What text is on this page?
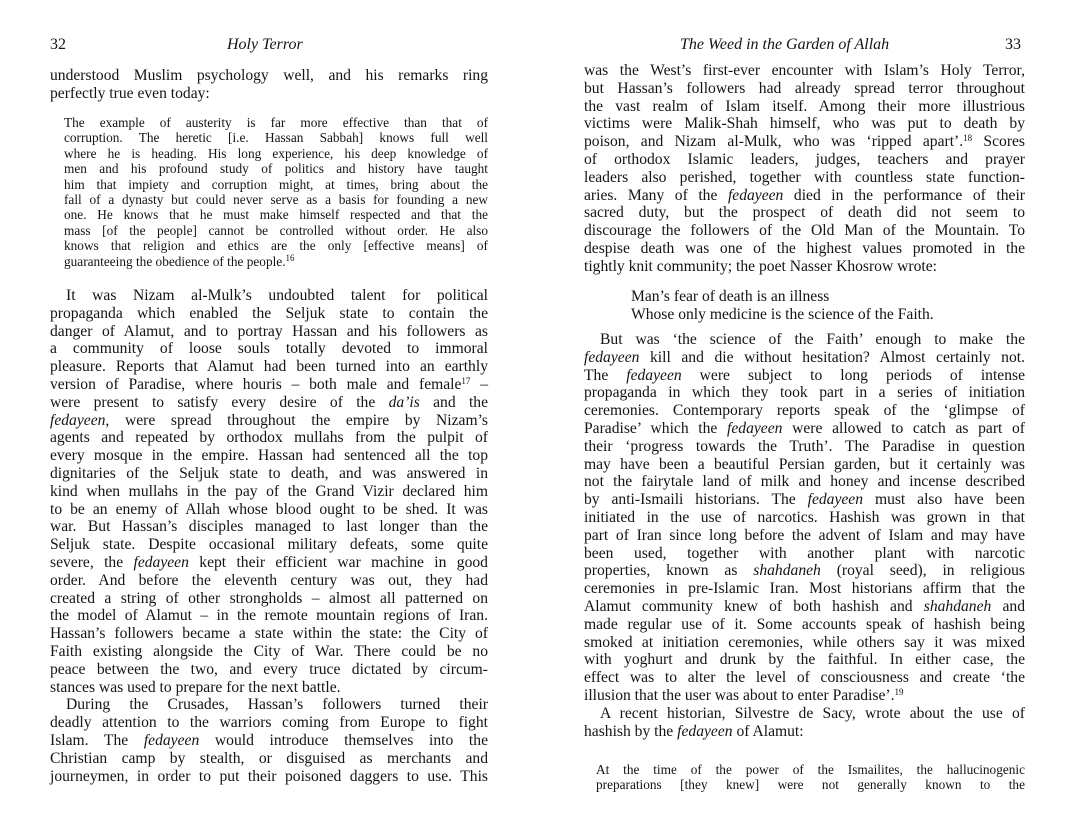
32	Holy Terror
understood Muslim psychology well, and his remarks ring
perfectly true even today:
The example of austerity is far more effective than that of
corruption. The heretic [i.e. Hassan Sabbah] knows full well
where he is heading. His long experience, his deep knowledge of
men and his profound study of politics and history have taught
him that impiety and corruption might, at times, bring about the
fall of a dynasty but could never serve as a basis for founding a new
one. He knows that he must make himself respected and that the
mass [of the people] cannot be controlled without order. He also
knows that religion and ethics are the only [effective means] of
guaranteeing the obedience of the people.$^{16}$
It was Nizam al-Mulk’s undoubted talent for political
propaganda which enabled the Seljuk state to contain the
danger of Alamut, and to portray Hassan and his followers as
a community of loose souls totally devoted to immoral
pleasure. Reports that Alamut had been turned into an earthly
version of Paradise, where houris – both male and female$^{17}$ –
were present to satisfy every desire of the da’is and the
fedayeen, were spread throughout the empire by Nizam’s
agents and repeated by orthodox mullahs from the pulpit of
every mosque in the empire. Hassan had sentenced all the top
dignitaries of the Seljuk state to death, and was answered in
kind when mullahs in the pay of the Grand Vizir declared him
to be an enemy of Allah whose blood ought to be shed. It was
war. But Hassan’s disciples managed to last longer than the
Seljuk state. Despite occasional military defeats, some quite
severe, the fedayeen kept their efficient war machine in good
order. And before the eleventh century was out, they had
created a string of other strongholds – almost all patterned on
the model of Alamut – in the remote mountain regions of Iran.
Hassan’s followers became a state within the state: the City of
Faith existing alongside the City of War. There could be no
peace between the two, and every truce dictated by circum-
stances was used to prepare for the next battle.
During the Crusades, Hassan’s followers turned their
deadly attention to the warriors coming from Europe to fight
Islam. The fedayeen would introduce themselves into the
Christian camp by stealth, or disguised as merchants and
journeymen, in order to put their poisoned daggers to use. This
The Weed in the Garden of Allah	33
was the West’s first-ever encounter with Islam’s Holy Terror,
but Hassan’s followers had already spread terror throughout
the vast realm of Islam itself. Among their more illustrious
victims were Malik-Shah himself, who was put to death by
poison, and Nizam al-Mulk, who was ‘ripped apart’.$^{18}$ Scores
of orthodox Islamic leaders, judges, teachers and prayer
leaders also perished, together with countless state function-
aries. Many of the fedayeen died in the performance of their
sacred duty, but the prospect of death did not seem to
discourage the followers of the Old Man of the Mountain. To
despise death was one of the highest values promoted in the
tightly knit community; the poet Nasser Khosrow wrote:
Man’s fear of death is an illness
Whose only medicine is the science of the Faith.
But was ‘the science of the Faith’ enough to make the
fedayeen kill and die without hesitation? Almost certainly not.
The fedayeen were subject to long periods of intense
propaganda in which they took part in a series of initiation
ceremonies. Contemporary reports speak of the ‘glimpse of
Paradise’ which the fedayeen were allowed to catch as part of
their ‘progress towards the Truth’. The Paradise in question
may have been a beautiful Persian garden, but it certainly was
not the fairytale land of milk and honey and incense described
by anti-Ismaili historians. The fedayeen must also have been
initiated in the use of narcotics. Hashish was grown in that
part of Iran since long before the advent of Islam and may have
been used, together with another plant with narcotic
properties, known as shahdaneh (royal seed), in religious
ceremonies in pre-Islamic Iran. Most historians affirm that the
Alamut community knew of both hashish and shahdaneh and
made regular use of it. Some accounts speak of hashish being
smoked at initiation ceremonies, while others say it was mixed
with yoghurt and drunk by the faithful. In either case, the
effect was to alter the level of consciousness and create ‘the
illusion that the user was about to enter Paradise’.$^{19}$
A recent historian, Silvestre de Sacy, wrote about the use of
hashish by the fedayeen of Alamut:
At the time of the power of the Ismailites, the hallucinogenic
preparations [they knew] were not generally known to the
